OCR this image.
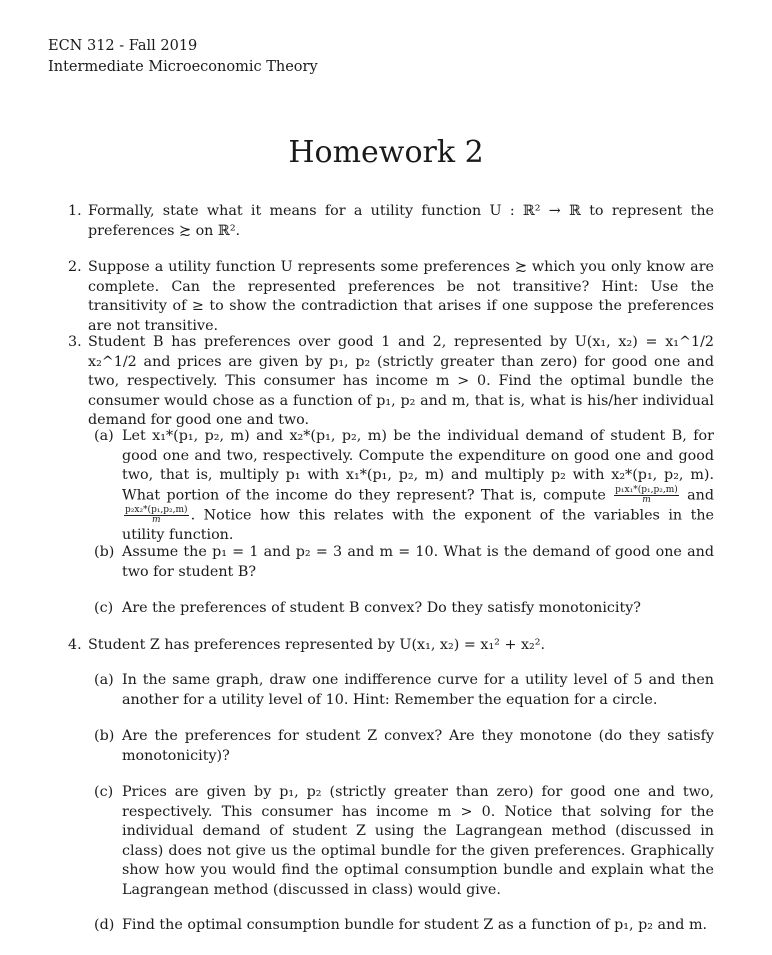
ECN 312 - Fall 2019
Intermediate Microeconomic Theory
Homework 2
1. Formally, state what it means for a utility function U : ℝ² → ℝ to represent the preferences ≿ on ℝ².
2. Suppose a utility function U represents some preferences ≿ which you only know are complete. Can the represented preferences be not transitive? Hint: Use the transitivity of ≥ to show the contradiction that arises if one suppose the preferences are not transitive.
3. Student B has preferences over good 1 and 2, represented by U(x₁, x₂) = x₁^1/2 x₂^1/2 and prices are given by p₁, p₂ (strictly greater than zero) for good one and two, respectively. This consumer has income m > 0. Find the optimal bundle the consumer would chose as a function of p₁, p₂ and m, that is, what is his/her individual demand for good one and two.
(a) Let x₁*(p₁, p₂, m) and x₂*(p₁, p₂, m) be the individual demand of student B, for good one and two, respectively. Compute the expenditure on good one and good two, that is, multiply p₁ with x₁*(p₁, p₂, m) and multiply p₂ with x₂*(p₁, p₂, m). What portion of the income do they represent? That is, compute $\frac{\text{p₁x₁*(p₁,p₂,m)}}{m}$ and
$\frac{\text{p₂x₂*(p₁,p₂,m)}}{m}$ . Notice how this relates with the exponent of the variables in the utility function.
(b) Assume the p₁ = 1 and p₂ = 3 and m = 10. What is the demand of good one and two for student B?
(c) Are the preferences of student B convex? Do they satisfy monotonicity?
4. Student Z has preferences represented by U(x₁, x₂) = x₁² + x₂².
(a) In the same graph, draw one indifference curve for a utility level of 5 and then another for a utility level of 10. Hint: Remember the equation for a circle.
(b) Are the preferences for student Z convex? Are they monotone (do they satisfy monotonicity)?
(c) Prices are given by p₁, p₂ (strictly greater than zero) for good one and two, respectively. This consumer has income m > 0. Notice that solving for the individual demand of student Z using the Lagrangean method (discussed in class) does not give us the optimal bundle for the given preferences. Graphically show how you would find the optimal consumption bundle and explain what the Lagrangean method (discussed in class) would give.
(d) Find the optimal consumption bundle for student Z as a function of p₁, p₂ and m.
